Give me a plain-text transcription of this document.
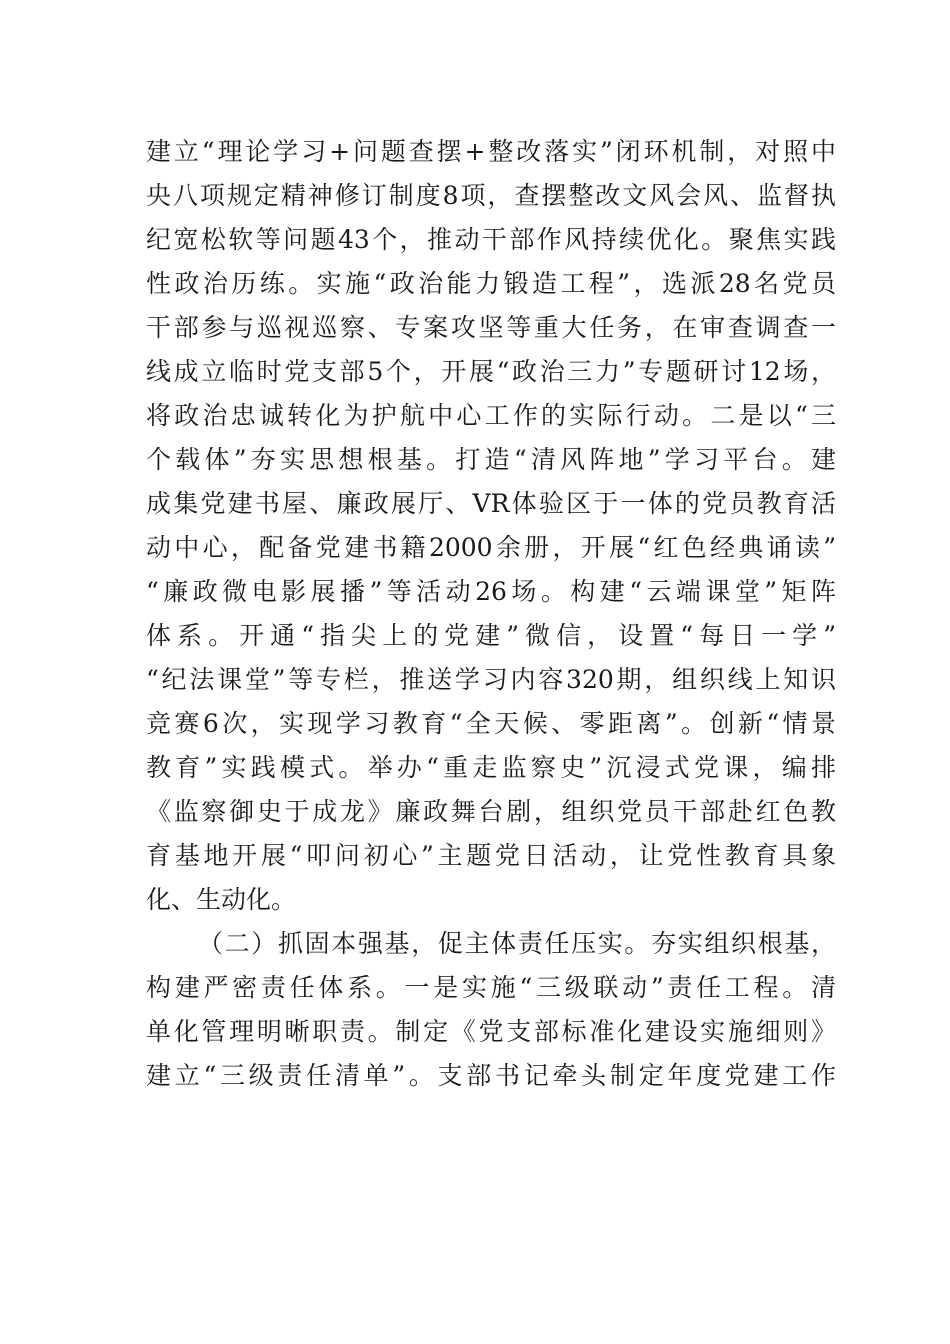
建立“理论学习+问题查摆+整改落实”闭环机制，对照中
央八项规定精神修订制度8项，查摆整改文风会风、监督执
纪宽松软等问题43个，推动干部作风持续优化。聚焦实践
性政治历练。实施“政治能力锻造工程”，选派28名党员
干部参与巡视巡察、专案攻坚等重大任务，在审查调查一
线成立临时党支部5个，开展“政治三力”专题研讨12场，
将政治忠诚转化为护航中心工作的实际行动。二是以“三
个载体”夯实思想根基。打造“清风阵地”学习平台。建
成集党建书屋、廉政展厅、VR体验区于一体的党员教育活
动中心，配备党建书籍2000余册，开展“红色经典诵读”
“廉政微电影展播”等活动26场。构建“云端课堂”矩阵
体系。开通“指尖上的党建”微信，设置“每日一学”
“纪法课堂”等专栏，推送学习内容320期，组织线上知识
竞赛6次，实现学习教育“全天候、零距离”。创新“情景
教育”实践模式。举办“重走监察史”沉浸式党课，编排
《监察御史于成龙》廉政舞台剧，组织党员干部赴红色教
育基地开展“叩问初心”主题党日活动，让党性教育具象
化、生动化。
（二）抓固本强基，促主体责任压实。夯实组织根基，
构建严密责任体系。一是实施“三级联动”责任工程。清
单化管理明晰职责。制定《党支部标准化建设实施细则》
建立“三级责任清单”。支部书记牵头制定年度党建工作
